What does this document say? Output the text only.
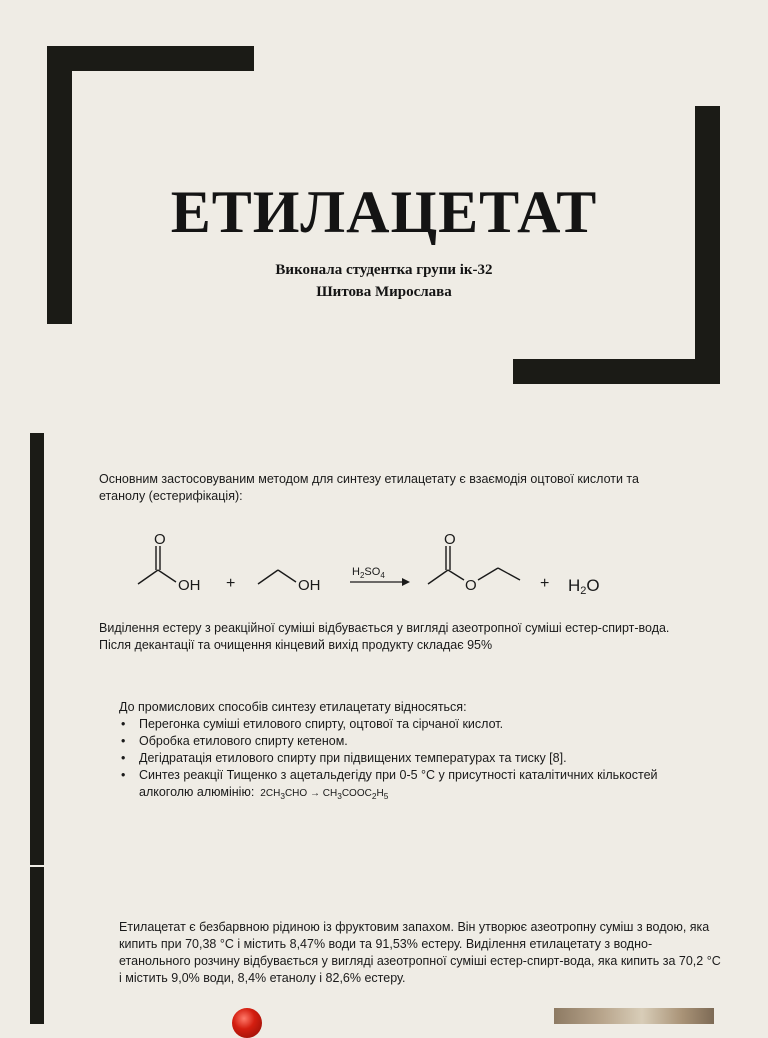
ЕТИЛАЦЕТАТ
Виконала студентка групи ік-32
Шитова Мирослава
Основним застосовуваним методом для синтезу етилацетату є взаємодія оцтової кислоти та етанолу (естерифікація):
O
OH +	OH
$H_2SO_4$
O
O	+ H2O
Виділення естеру з реакційної суміші відбувається у вигляді азеотропної суміші естер-спирт-вода. Після декантації та очищення кінцевий вихід продукту складає 95%

До промислових способів синтезу етилацетату відносяться:

• Перегонка суміші етилового спирту, оцтової та сірчаної кислот.
• Обробка етилового спирту кетеном.
• Дегідратація етилового спирту при підвищених температурах та тиску [8].
• Синтез реакції Тищенко з ацетальдегіду при 0-5 °С у присутності каталітичних кількостей алкоголю алюмінію: $2CH_3CHO$ → $CH_3COOC_2H_5$
Етилацетат є безбарвною рідиною із фруктовим запахом. Він утворює азеотропну суміш з водою, яка кипить при 70,38 °С і містить 8,47% води та 91,53% естеру. Виділення етилацетату з водно-етанольного розчину відбувається у вигляді азеотропної суміші естер-спирт-вода, яка кипить за 70,2 °С і містить 9,0% води, 8,4% етанолу і 82,6% естеру.
